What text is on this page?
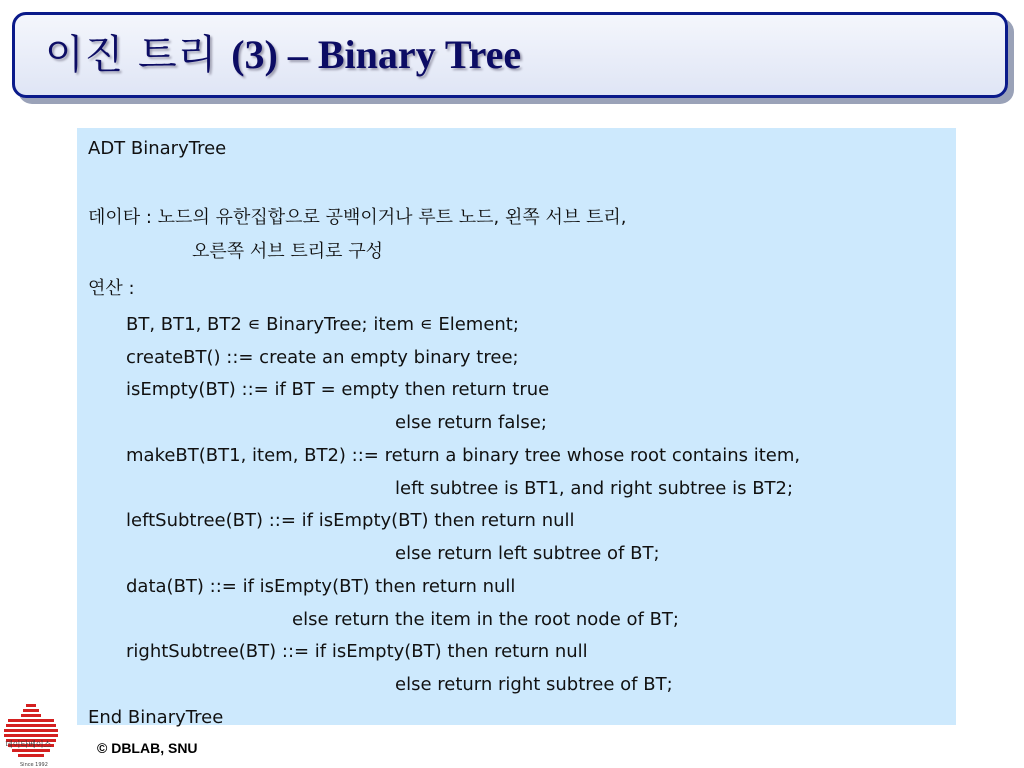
이진 트리 (3) – Binary Tree

ADT BinaryTree

데이타 : 노드의 유한집합으로 공백이거나 루트 노드, 왼쪽 서브 트리,

오른쪽 서브 트리로 구성

연산 :

BT, BT1, BT2 ∊ BinaryTree; item ∊ Element;

createBT() ::= create an empty binary tree;

isEmpty(BT) ::= if BT = empty then return true

else return false;

makeBT(BT1, item, BT2) ::= return a binary tree whose root contains item,

left subtree is BT1, and right subtree is BT2;

leftSubtree(BT) ::= if isEmpty(BT) then return null

else return left subtree of BT;

data(BT) ::= if isEmpty(BT) then return null

else return the item in the root node of BT;

rightSubtree(BT) ::= if isEmpty(BT) then return null

else return right subtree of BT;

End BinaryTree

데이타베이스
Since 1992

© DBLAB, SNU
